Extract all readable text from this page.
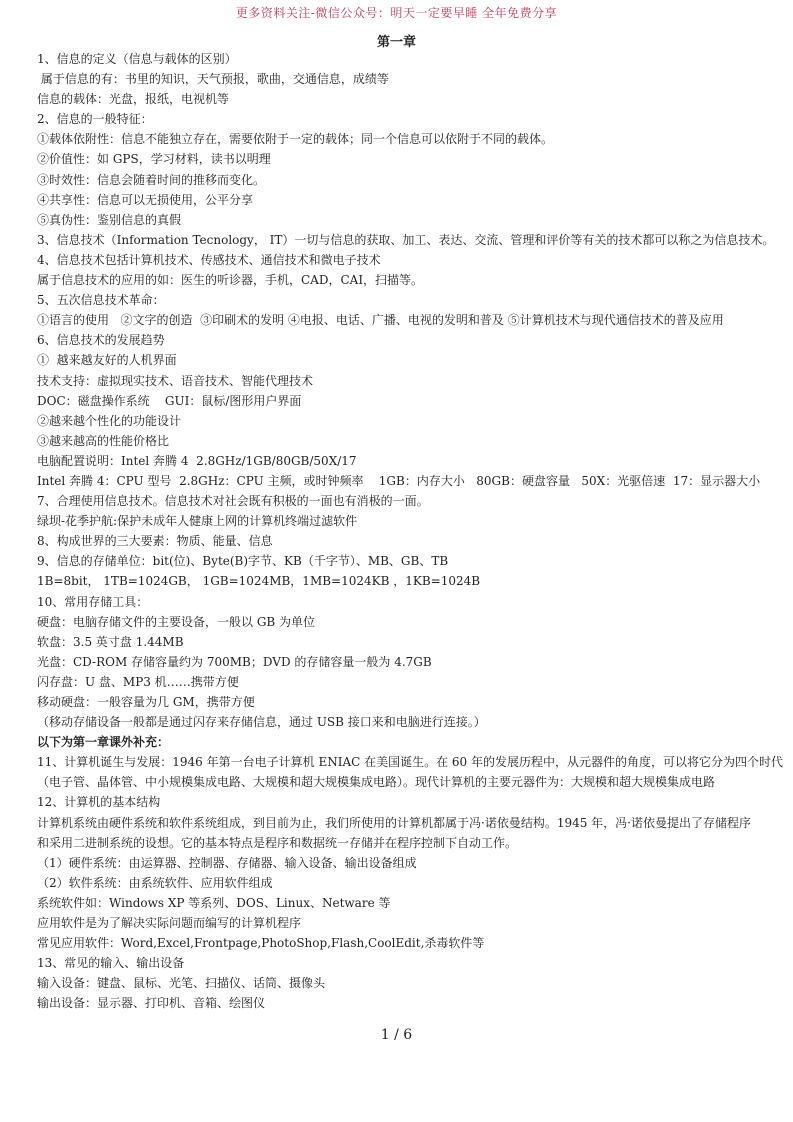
更多资料关注-微信公众号：明天一定要早睡 全年免费分享
第一章
1、信息的定义（信息与载体的区别）
属于信息的有：书里的知识，天气预报，歌曲，交通信息，成绩等
信息的载体：光盘，报纸，电视机等
2、信息的一般特征：
①载体依附性：信息不能独立存在，需要依附于一定的载体；同一个信息可以依附于不同的载体。
②价值性：如 GPS，学习材料，读书以明理
③时效性：信息会随着时间的推移而变化。
④共享性：信息可以无损使用，公平分享
⑤真伪性：鉴别信息的真假
3、信息技术（Information Tecnology， IT）一切与信息的获取、加工、表达、交流、管理和评价等有关的技术都可以称之为信息技术。
4、信息技术包括计算机技术、传感技术、通信技术和微电子技术
属于信息技术的应用的如：医生的听诊器，手机，CAD，CAI，扫描等。
5、五次信息技术革命：
①语言的使用   ②文字的创造  ③印刷术的发明 ④电报、电话、广播、电视的发明和普及 ⑤计算机技术与现代通信技术的普及应用
6、信息技术的发展趋势
①  越来越友好的人机界面
技术支持：虚拟现实技术、语音技术、智能代理技术
DOC：磁盘操作系统    GUI：鼠标/图形用户界面
②越来越个性化的功能设计
③越来越高的性能价格比
电脑配置说明：Intel 奔腾 4  2.8GHz/1GB/80GB/50X/17
Intel 奔腾 4：CPU 型号  2.8GHz：CPU 主频，或时钟频率    1GB：内存大小   80GB：硬盘容量   50X：光驱倍速  17：显示器大小
7、合理使用信息技术。信息技术对社会既有积极的一面也有消极的一面。
绿坝-花季护航:保护未成年人健康上网的计算机终端过滤软件
8、构成世界的三大要素：物质、能量、信息
9、信息的存储单位：bit(位)、Byte(B)字节、KB（千字节）、MB、GB、TB
1B=8bit， 1TB=1024GB， 1GB=1024MB，1MB=1024KB ，1KB=1024B
10、常用存储工具：
硬盘：电脑存储文件的主要设备，一般以 GB 为单位
软盘：3.5 英寸盘 1.44MB
光盘：CD-ROM 存储容量约为 700MB；DVD 的存储容量一般为 4.7GB
闪存盘：U 盘、MP3 机……携带方便
移动硬盘：一般容量为几 GM，携带方便
（移动存储设备一般都是通过闪存来存储信息，通过 USB 接口来和电脑进行连接。）
以下为第一章课外补充：
11、计算机诞生与发展：1946 年第一台电子计算机 ENIAC 在美国诞生。在 60 年的发展历程中，从元器件的角度，可以将它分为四个时代
（电子管、晶体管、中小规模集成电路、大规模和超大规模集成电路）。现代计算机的主要元器件为：大规模和超大规模集成电路
12、计算机的基本结构
计算机系统由硬件系统和软件系统组成，到目前为止，我们所使用的计算机都属于冯·诺依曼结构。1945 年，冯·诺依曼提出了存储程序
和采用二进制系统的设想。它的基本特点是程序和数据统一存储并在程序控制下自动工作。
（1）硬件系统：由运算器、控制器、存储器、输入设备、输出设备组成
（2）软件系统：由系统软件、应用软件组成
系统软件如：Windows XP 等系列、DOS、Linux、Netware 等
应用软件是为了解决实际问题而编写的计算机程序
常见应用软件：Word,Excel,Frontpage,PhotoShop,Flash,CoolEdit,杀毒软件等
13、常见的输入、输出设备
输入设备：键盘、鼠标、光笔、扫描仪、话筒、摄像头
输出设备：显示器、打印机、音箱、绘图仪
1 / 6
